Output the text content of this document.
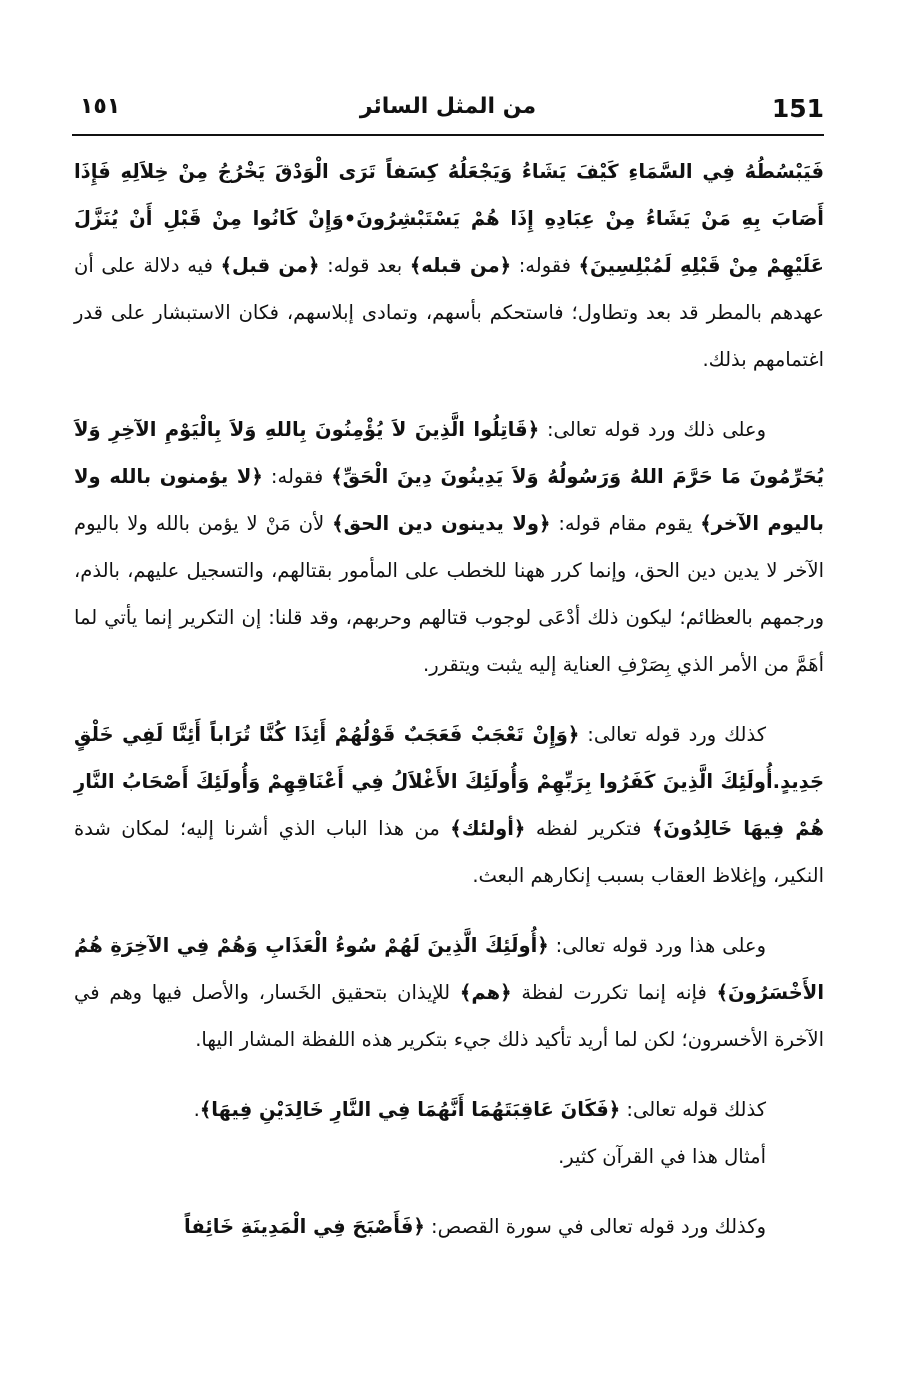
151
من المثل السائر
١٥١

فَيَبْسُطُهُ فِي السَّمَاءِ كَيْفَ يَشَاءُ وَيَجْعَلُهُ كِسَفاً تَرَى الْوَدْقَ يَخْرُجُ مِنْ خِلاَلِهِ فَإِذَا أَصَابَ بِهِ مَنْ يَشَاءُ مِنْ عِبَادِهِ إِذَا هُمْ يَسْتَبْشِرُونَ•وَإِنْ كَانُوا مِنْ قَبْلِ أَنْ يُنَزَّلَ عَلَيْهِمْ مِنْ قَبْلِهِ لَمُبْلِسِينَ﴾ فقوله: ﴿من قبله﴾ بعد قوله: ﴿من قبل﴾ فيه دلالة على أن عهدهم بالمطر قد بعد وتطاول؛ فاستحكم بأسهم، وتمادى إبلاسهم، فكان الاستبشار على قدر اغتمامهم بذلك.

وعلى ذلك ورد قوله تعالى: ﴿قَاتِلُوا الَّذِينَ لاَ يُؤْمِنُونَ بِاللهِ وَلاَ بِالْيَوْمِ الآخِرِ وَلاَ يُحَرِّمُونَ مَا حَرَّمَ اللهُ وَرَسُولُهُ وَلاَ يَدِينُونَ دِينَ الْحَقِّ﴾ فقوله: ﴿لا يؤمنون بالله ولا باليوم الآخر﴾ يقوم مقام قوله: ﴿ولا يدينون دين الحق﴾ لأن مَنْ لا يؤمن بالله ولا باليوم الآخر لا يدين دين الحق، وإنما كرر ههنا للخطب على المأمور بقتالهم، والتسجيل عليهم، بالذم، ورجمهم بالعظائم؛ ليكون ذلك أدْعَى لوجوب قتالهم وحربهم، وقد قلنا: إن التكرير إنما يأتي لما أهَمَّ من الأمر الذي بِصَرْفِ العناية إليه يثبت ويتقرر.

كذلك ورد قوله تعالى: ﴿وَإِنْ تَعْجَبْ فَعَجَبٌ قَوْلُهُمْ أَئِذَا كُنَّا تُرَاباً أَئِنَّا لَفِي خَلْقٍ جَدِيدٍ.أُولَئِكَ الَّذِينَ كَفَرُوا بِرَبِّهِمْ وَأُولَئِكَ الأَغْلاَلُ فِي أَعْنَاقِهِمْ وَأُولَئِكَ أَصْحَابُ النَّارِ هُمْ فِيهَا خَالِدُونَ﴾ فتكرير لفظه ﴿أولئك﴾ من هذا الباب الذي أشرنا إليه؛ لمكان شدة النكير، وإغلاظ العقاب بسبب إنكارهم البعث.

وعلى هذا ورد قوله تعالى: ﴿أُولَئِكَ الَّذِينَ لَهُمْ سُوءُ الْعَذَابِ وَهُمْ فِي الآخِرَةِ هُمُ الأَخْسَرُونَ﴾ فإنه إنما تكررت لفظة ﴿هم﴾ للإيذان بتحقيق الخَسار، والأصل فيها وهم في الآخرة الأخسرون؛ لكن لما أريد تأكيد ذلك جيء بتكرير هذه اللفظة المشار اليها.

كذلك قوله تعالى: ﴿فَكَانَ عَاقِبَتَهُمَا أَنَّهُمَا فِي النَّارِ خَالِدَيْنِ فِيهَا﴾.

أمثال هذا في القرآن كثير.

وكذلك ورد قوله تعالى في سورة القصص: ﴿فَأَصْبَحَ فِي الْمَدِينَةِ خَائِفاً
